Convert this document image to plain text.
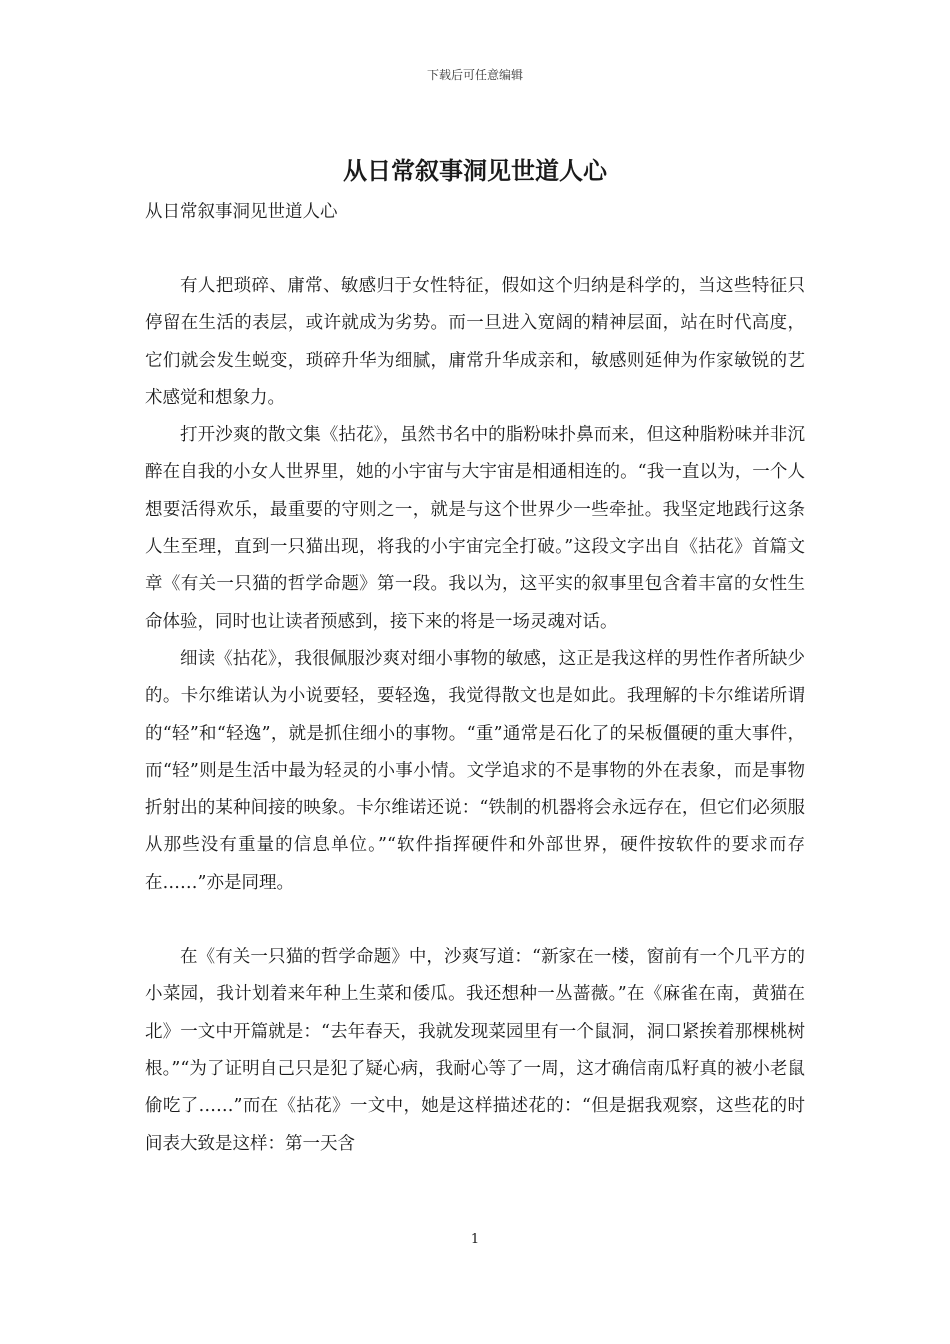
下载后可任意编辑
从日常叙事洞见世道人心
从日常叙事洞见世道人心

有人把琐碎、庸常、敏感归于女性特征，假如这个归纳是科学的，当这些特征只停留在生活的表层，或许就成为劣势。而一旦进入宽阔的精神层面，站在时代高度，它们就会发生蜕变，琐碎升华为细腻，庸常升华成亲和，敏感则延伸为作家敏锐的艺术感觉和想象力。

打开沙爽的散文集《拈花》，虽然书名中的脂粉味扑鼻而来，但这种脂粉味并非沉醉在自我的小女人世界里，她的小宇宙与大宇宙是相通相连的。“我一直以为，一个人想要活得欢乐，最重要的守则之一，就是与这个世界少一些牵扯。我坚定地践行这条人生至理，直到一只猫出现，将我的小宇宙完全打破。”这段文字出自《拈花》首篇文章《有关一只猫的哲学命题》第一段。我以为，这平实的叙事里包含着丰富的女性生命体验，同时也让读者预感到，接下来的将是一场灵魂对话。

细读《拈花》，我很佩服沙爽对细小事物的敏感，这正是我这样的男性作者所缺少的。卡尔维诺认为小说要轻，要轻逸，我觉得散文也是如此。我理解的卡尔维诺所谓的“轻”和“轻逸”，就是抓住细小的事物。“重”通常是石化了的呆板僵硬的重大事件，而“轻”则是生活中最为轻灵的小事小情。文学追求的不是事物的外在表象，而是事物折射出的某种间接的映象。卡尔维诺还说：“铁制的机器将会永远存在，但它们必须服从那些没有重量的信息单位。”“软件指挥硬件和外部世界，硬件按软件的要求而存在……”亦是同理。

在《有关一只猫的哲学命题》中，沙爽写道：“新家在一楼，窗前有一个几平方的小菜园，我计划着来年种上生菜和倭瓜。我还想种一丛蔷薇。”在《麻雀在南，黄猫在北》一文中开篇就是：“去年春天，我就发现菜园里有一个鼠洞，洞口紧挨着那棵桃树根。”“为了证明自己只是犯了疑心病，我耐心等了一周，这才确信南瓜籽真的被小老鼠偷吃了……”而在《拈花》一文中，她是这样描述花的：“但是据我观察，这些花的时间表大致是这样：第一天含

1
